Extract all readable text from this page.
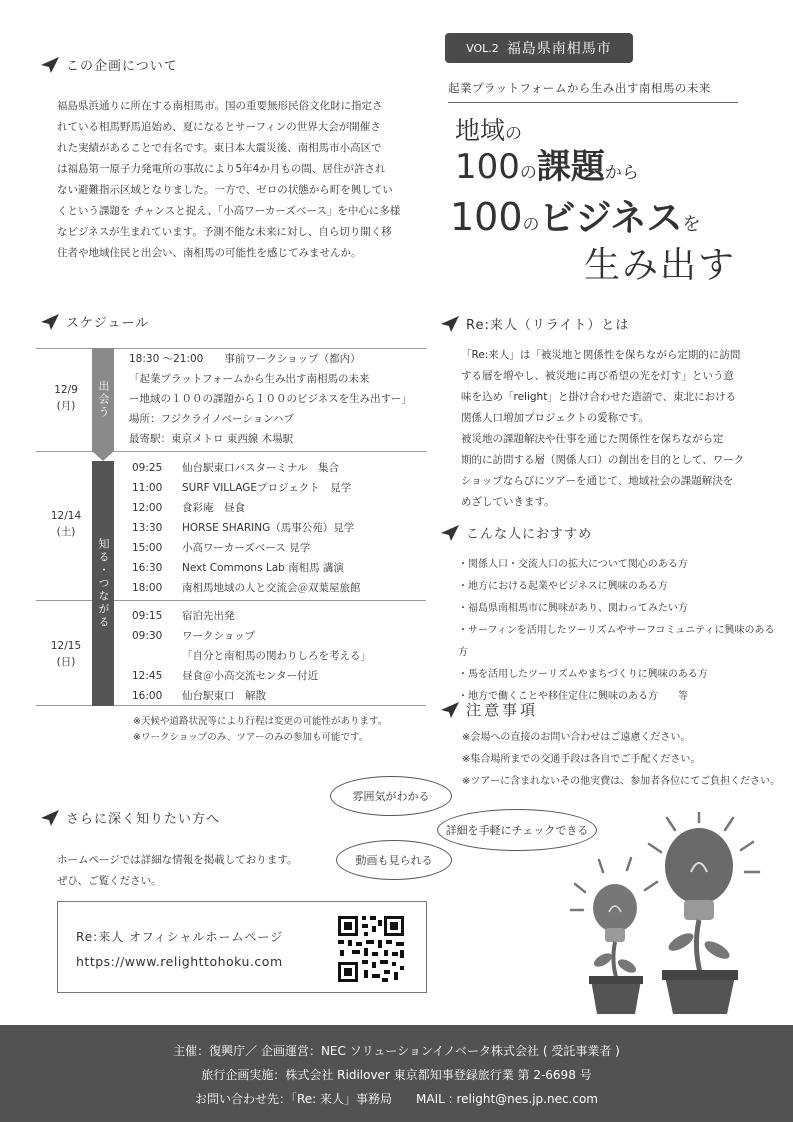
この企画について
福島県浜通りに所在する南相馬市。国の重要無形民俗文化財に指定さ
れている相馬野馬追始め、夏になるとサーフィンの世界大会が開催さ
れた実績があることで有名です。東日本大震災後、南相馬市小高区で
は福島第一原子力発電所の事故により5年4か月もの間、居住が許され
ない避難指示区域となりました。一方で、ゼロの状態から町を興してい
くという課題を チャンスと捉え、「小高ワーカーズベース」を中心に多様
なビジネスが生まれています。予測不能な未来に対し、自ら切り開く移
住者や地域住民と出会い、南相馬の可能性を感じてみませんか。
VOL.2 福島県南相馬市
起業プラットフォームから生み出す南相馬の未来
地域の
100の課題から
100のビジネスを
生み出す
スケジュール
12/9
(月)	出会う
18:30 ～21:00　　事前ワークショップ（都内）
「起業プラットフォームから生み出す南相馬の未来
ー地域の１００の課題から１００のビジネスを生み出すー」
場所：フジクライノベーションハブ
最寄駅：東京メトロ 東西線 木場駅
12/14
(土)
知る・つながる
09:25 仙台駅東口バスターミナル　集合
11:00 SURF VILLAGEプロジェクト　見学
12:00 食彩庵　昼食
13:30 HORSE SHARING（馬事公苑）見学
15:00 小高ワーカーズベース 見学
16:30 Next Commons Lab 南相馬 講演
18:00 南相馬地域の人と交流会＠双葉屋旅館
12/15
(日)
09:15 宿泊先出発
09:30 ワークショップ
「自分と南相馬の関わりしろを考える」
12:45 昼食＠小高交流センター付近
16:00 仙台駅東口　解散
※天候や道路状況等により行程は変更の可能性があります。
※ワークショップのみ、ツアーのみの参加も可能です。
Re:来人（リライト）とは
「Re:来人」は「被災地と関係性を保ちながら定期的に訪問
する層を増やし、被災地に再び希望の光を灯す」という意
味を込め「relight」と掛け合わせた造語で、東北における
関係人口増加プロジェクトの愛称です。
被災地の課題解決や仕事を通じた関係性を保ちながら定
期的に訪問する層（関係人口）の創出を目的として、ワーク
ショップならびにツアーを通じて、地域社会の課題解決を
めざしていきます。
こんな人におすすめ
・関係人口・交流人口の拡大について関心のある方
・地方における起業やビジネスに興味のある方
・福島県南相馬市に興味があり、関わってみたい方
・サーフィンを活用したツーリズムやサーフコミュニティに興味のある方
・馬を活用したツーリズムやまちづくりに興味のある方
・地方で働くことや移住定住に興味のある方　　等
注意事項
※会場への直接のお問い合わせはご遠慮ください。
※集合場所までの交通手段は各自でご手配ください。
※ツアーに含まれないその他実費は、参加者各位にてご負担ください。
さらに深く知りたい方へ
ホームページでは詳細な情報を掲載しております。
ぜひ、ご覧ください。
雰囲気がわかる
詳細を手軽にチェックできる
動画も見られる
Re:来人 オフィシャルホームページ
https://www.relighttohoku.com
主催：復興庁／ 企画運営：NEC ソリューションイノベータ株式会社 ( 受託事業者 )
旅行企画実施：株式会社 Ridilover 東京都知事登録旅行業 第 2-6698 号
お問い合わせ先：「Re: 来人」事務局　　MAIL : relight@nes.jp.nec.com
